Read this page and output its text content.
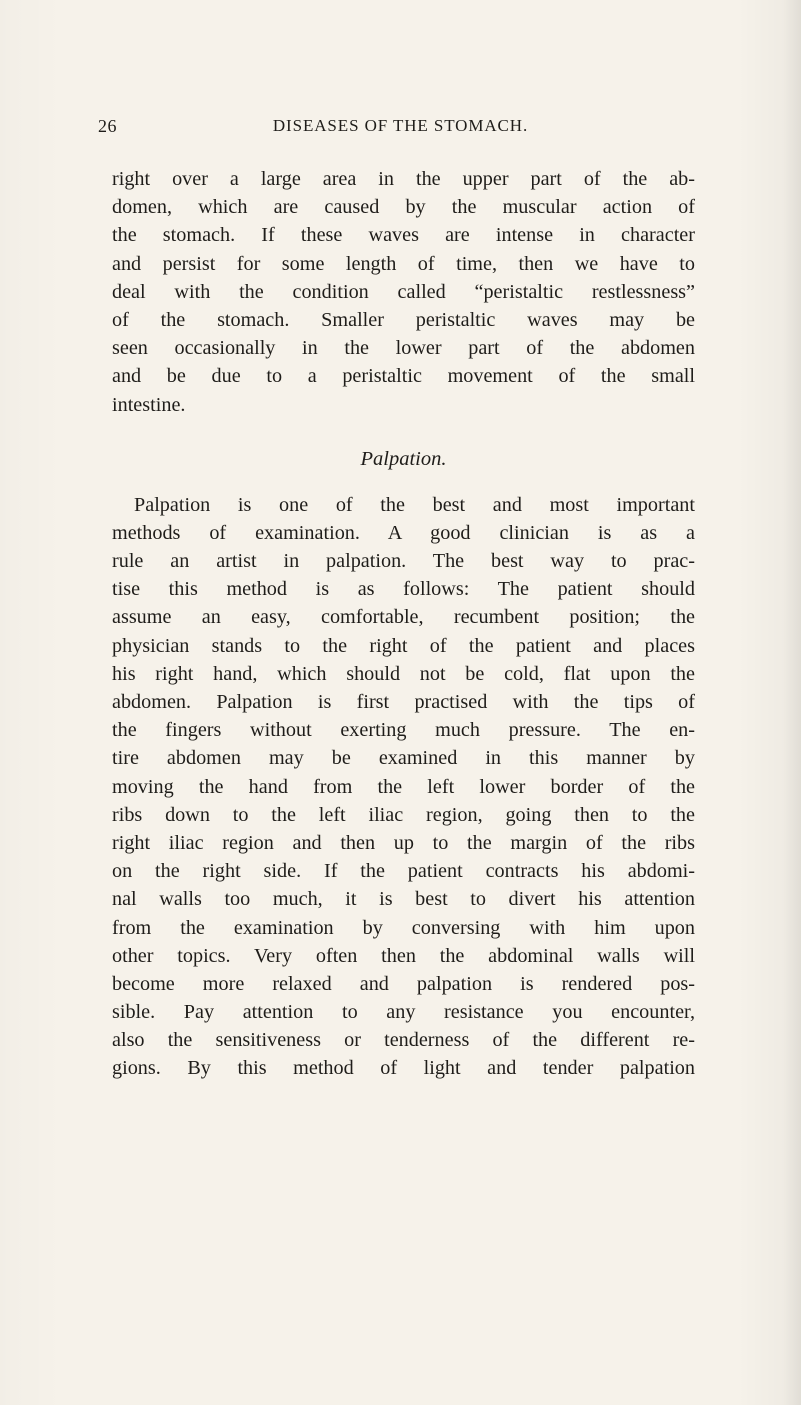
26	DISEASES OF THE STOMACH.
right over a large area in the upper part of the ab-
domen, which are caused by the muscular action of
the stomach. If these waves are intense in character
and persist for some length of time, then we have to
deal with the condition called “peristaltic restlessness”
of the stomach. Smaller peristaltic waves may be
seen occasionally in the lower part of the abdomen
and be due to a peristaltic movement of the small
intestine.
Palpation.
Palpation is one of the best and most important
methods of examination. A good clinician is as a
rule an artist in palpation. The best way to prac-
tise this method is as follows: The patient should
assume an easy, comfortable, recumbent position; the
physician stands to the right of the patient and places
his right hand, which should not be cold, flat upon the
abdomen. Palpation is first practised with the tips of
the fingers without exerting much pressure. The en-
tire abdomen may be examined in this manner by
moving the hand from the left lower border of the
ribs down to the left iliac region, going then to the
right iliac region and then up to the margin of the ribs
on the right side. If the patient contracts his abdomi-
nal walls too much, it is best to divert his attention
from the examination by conversing with him upon
other topics. Very often then the abdominal walls will
become more relaxed and palpation is rendered pos-
sible. Pay attention to any resistance you encounter,
also the sensitiveness or tenderness of the different re-
gions. By this method of light and tender palpation
